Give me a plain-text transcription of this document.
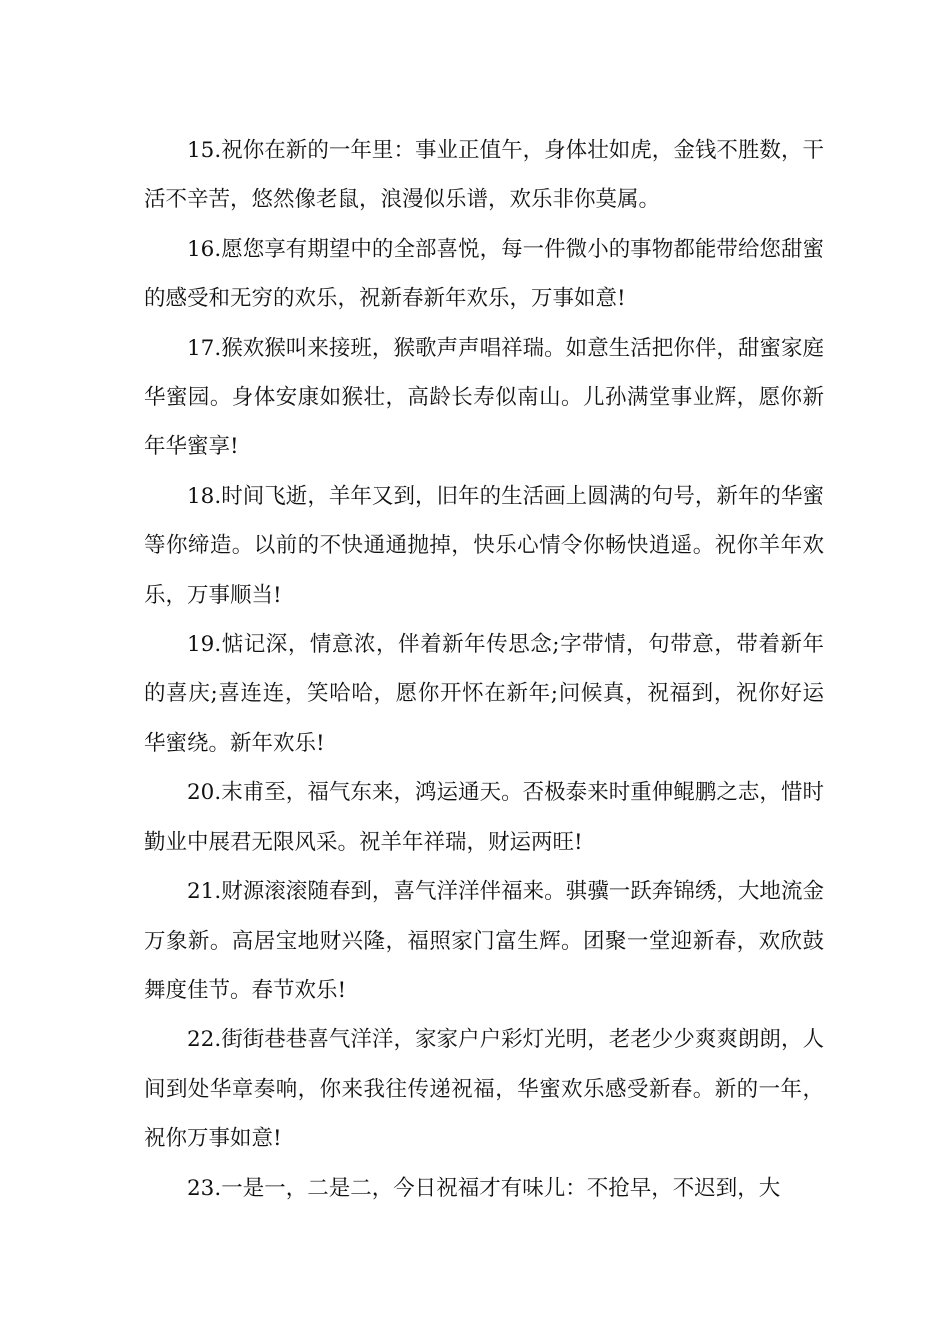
15.祝你在新的一年里：事业正值午，身体壮如虎，金钱不胜数，干活不辛苦，悠然像老鼠，浪漫似乐谱，欢乐非你莫属。

16.愿您享有期望中的全部喜悦，每一件微小的事物都能带给您甜蜜的感受和无穷的欢乐，祝新春新年欢乐，万事如意!

17.猴欢猴叫来接班，猴歌声声唱祥瑞。如意生活把你伴，甜蜜家庭华蜜园。身体安康如猴壮，高龄长寿似南山。儿孙满堂事业辉，愿你新年华蜜享!

18.时间飞逝，羊年又到，旧年的生活画上圆满的句号，新年的华蜜等你缔造。以前的不快通通抛掉，快乐心情令你畅快逍遥。祝你羊年欢乐，万事顺当!

19.惦记深，情意浓，伴着新年传思念;字带情，句带意，带着新年的喜庆;喜连连，笑哈哈，愿你开怀在新年;问候真，祝福到，祝你好运华蜜绕。新年欢乐!

20.末甫至，福气东来，鸿运通天。否极泰来时重伸鲲鹏之志，惜时勤业中展君无限风采。祝羊年祥瑞，财运两旺!

21.财源滚滚随春到，喜气洋洋伴福来。骐骥一跃奔锦绣，大地流金万象新。高居宝地财兴隆，福照家门富生辉。团聚一堂迎新春，欢欣鼓舞度佳节。春节欢乐!

22.街街巷巷喜气洋洋，家家户户彩灯光明，老老少少爽爽朗朗，人间到处华章奏响，你来我往传递祝福，华蜜欢乐感受新春。新的一年，祝你万事如意!

23.一是一，二是二，今日祝福才有味儿：不抢早，不迟到，大
